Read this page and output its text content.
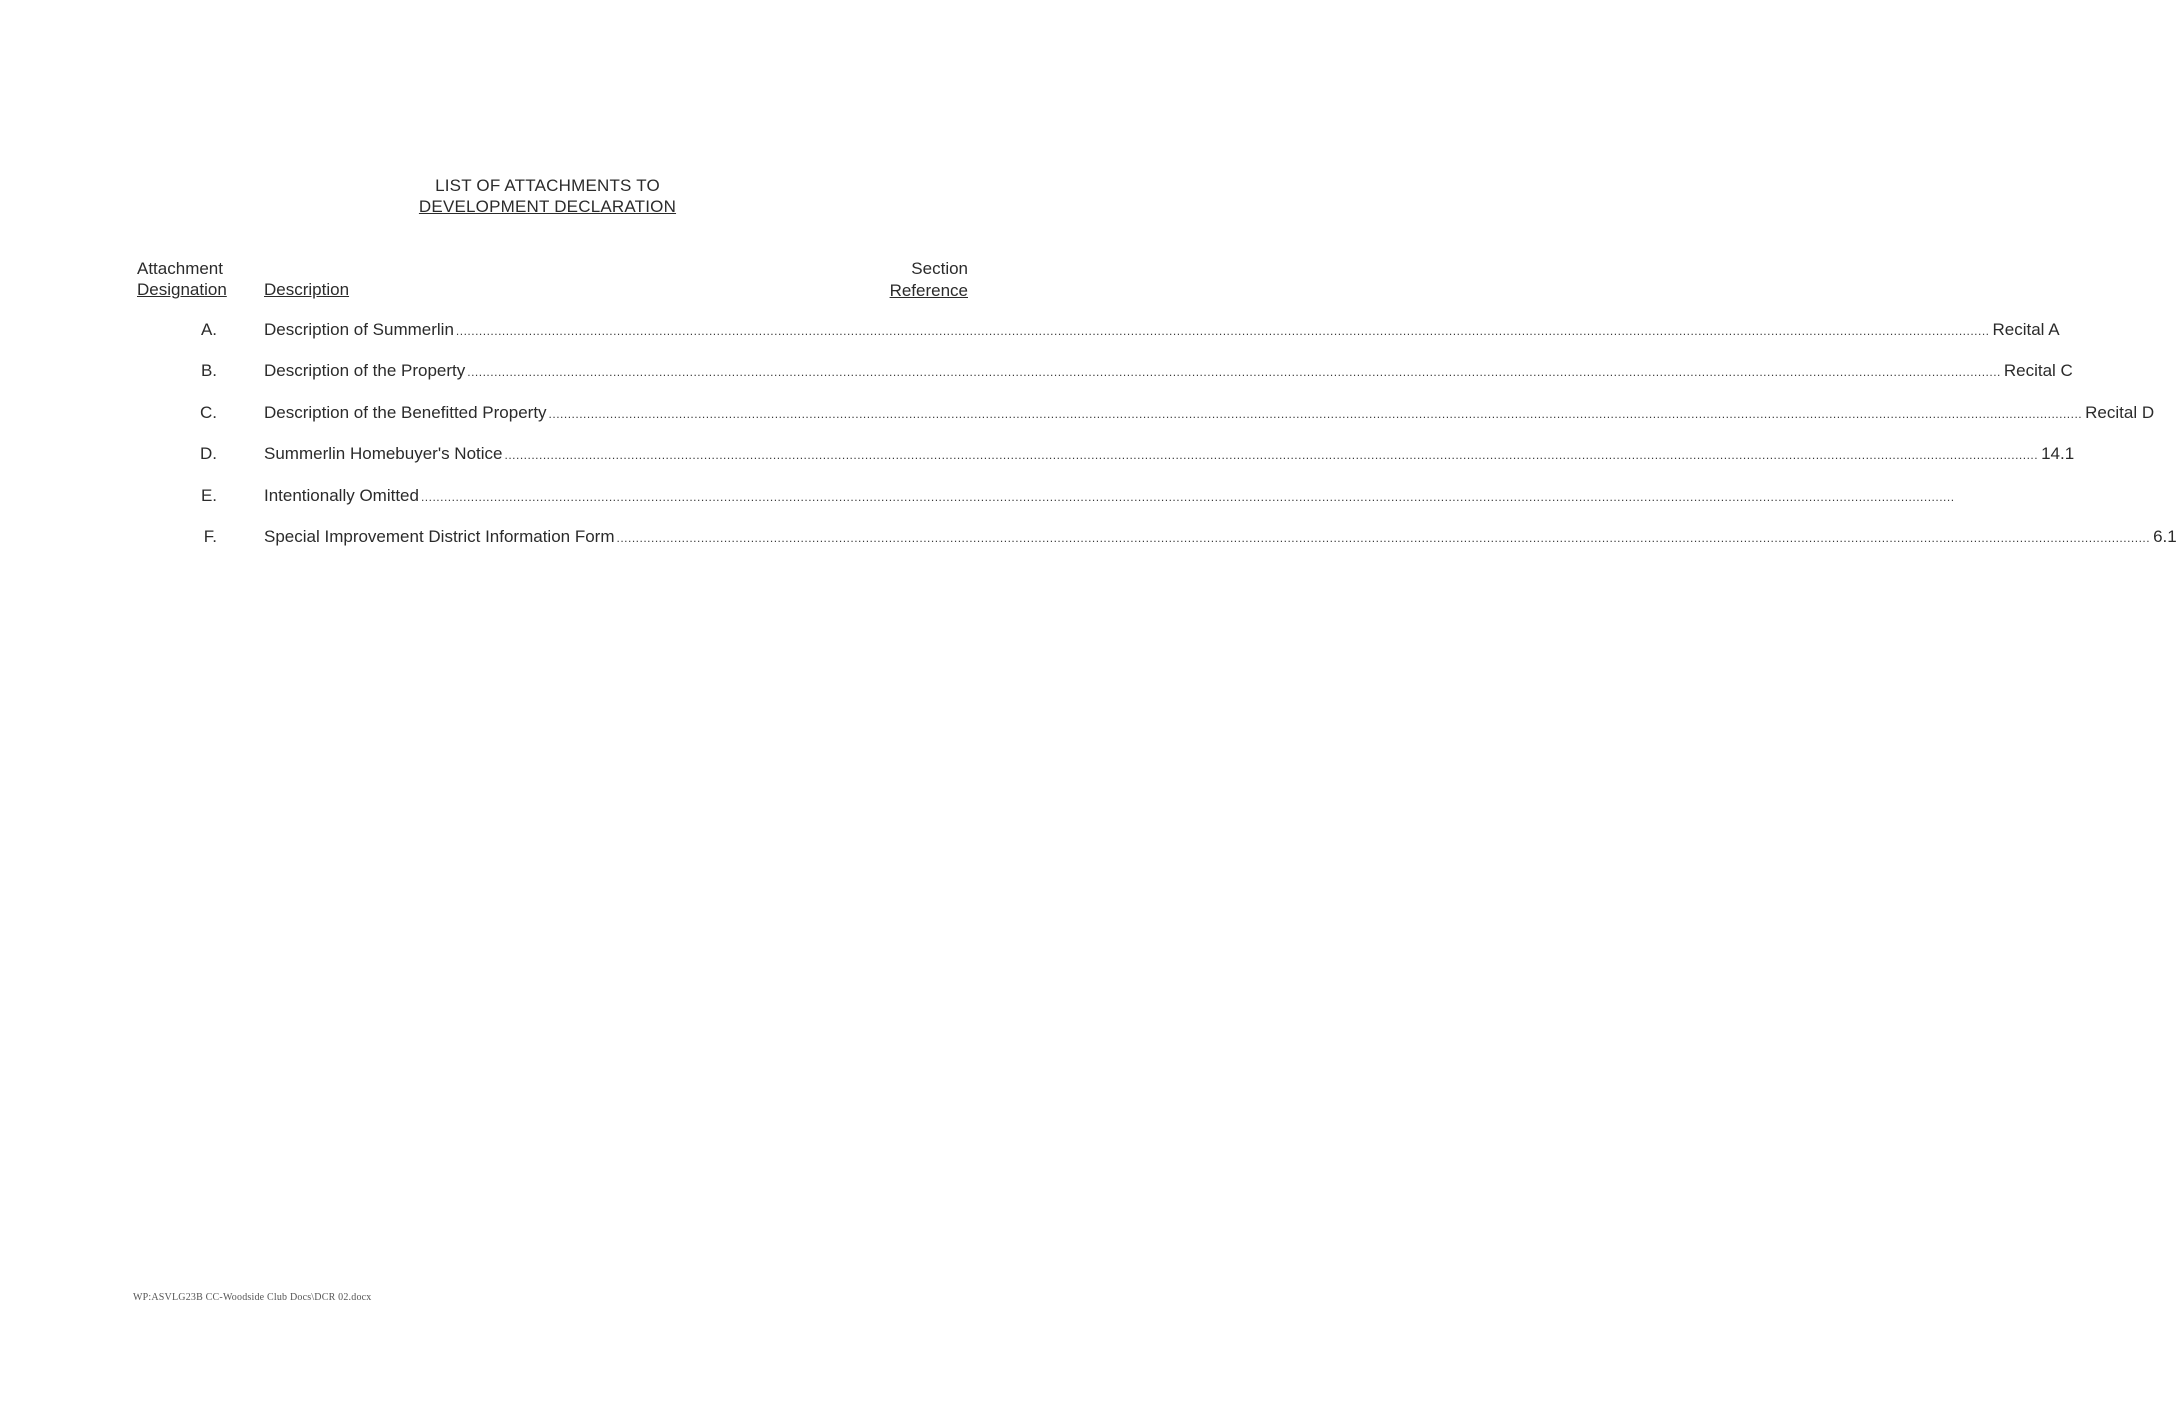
LIST OF ATTACHMENTS TO
DEVELOPMENT DECLARATION
Attachment
Designation Description
Section
Reference
A.	Description of Summerlin ................................................................................................................................................................................................................................................................................................................................................................................................................ Recital A
B.	Description of the Property ................................................................................................................................................................................................................................................................................................................................................................................................................ Recital C
C.	Description of the Benefitted Property ................................................................................................................................................................................................................................................................................................................................................................................................................ Recital D
D.	Summerlin Homebuyer's Notice ................................................................................................................................................................................................................................................................................................................................................................................................................ 14.1
E.	Intentionally Omitted ................................................................................................................................................................................................................................................................................................................................................................................................................
F.	Special Improvement District Information Form ................................................................................................................................................................................................................................................................................................................................................................................................................ 6.1
WP:ASVLG23B CC-Woodside Club Docs\DCR 02.docx
